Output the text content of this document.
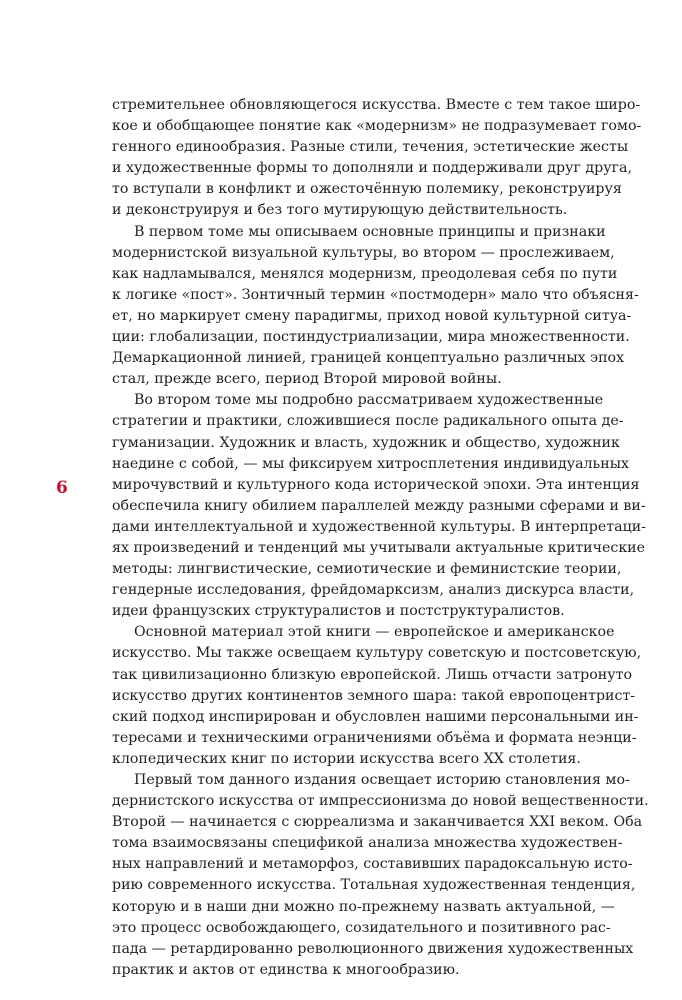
6
стремительнее обновляющегося искусства. Вместе с тем такое широ-
кое и обобщающее понятие как «модернизм» не подразумевает гомо-
генного единообразия. Разные стили, течения, эстетические жесты
и художественные формы то дополняли и поддерживали друг друга,
то вступали в конфликт и ожесточённую полемику, реконструируя
и деконструируя и без того мутирующую действительность.
В первом томе мы описываем основные принципы и признаки
модернистской визуальной культуры, во втором — прослеживаем,
как надламывался, менялся модернизм, преодолевая себя по пути
к логике «пост». Зонтичный термин «постмодерн» мало что объясня-
ет, но маркирует смену парадигмы, приход новой культурной ситуа-
ции: глобализации, постиндустриализации, мира множественности.
Демаркационной линией, границей концептуально различных эпох
стал, прежде всего, период Второй мировой войны.
Во втором томе мы подробно рассматриваем художественные
стратегии и практики, сложившиеся после радикального опыта де-
гуманизации. Художник и власть, художник и общество, художник
наедине с собой, — мы фиксируем хитросплетения индивидуальных
мирочувствий и культурного кода исторической эпохи. Эта интенция
обеспечила книгу обилием параллелей между разными сферами и ви-
дами интеллектуальной и художественной культуры. В интерпретаци-
ях произведений и тенденций мы учитывали актуальные критические
методы: лингвистические, семиотические и феминистские теории,
гендерные исследования, фрейдомарксизм, анализ дискурса власти,
идеи французских структуралистов и постструктуралистов.
Основной материал этой книги — европейское и американское
искусство. Мы также освещаем культуру советскую и постсоветскую,
так цивилизационно близкую европейской. Лишь отчасти затронуто
искусство других континентов земного шара: такой европоцентрист-
ский подход инспирирован и обусловлен нашими персональными ин-
тересами и техническими ограничениями объёма и формата неэнци-
клопедических книг по истории искусства всего XX столетия.
Первый том данного издания освещает историю становления мо-
дернистского искусства от импрессионизма до новой вещественности.
Второй — начинается с сюрреализма и заканчивается XXI веком. Оба
тома взаимосвязаны спецификой анализа множества художествен-
ных направлений и метаморфоз, составивших парадоксальную исто-
рию современного искусства. Тотальная художественная тенденция,
которую и в наши дни можно по-прежнему назвать актуальной, —
это процесс освобождающего, созидательного и позитивного рас-
пада — ретардированно революционного движения художественных
практик и актов от единства к многообразию.
